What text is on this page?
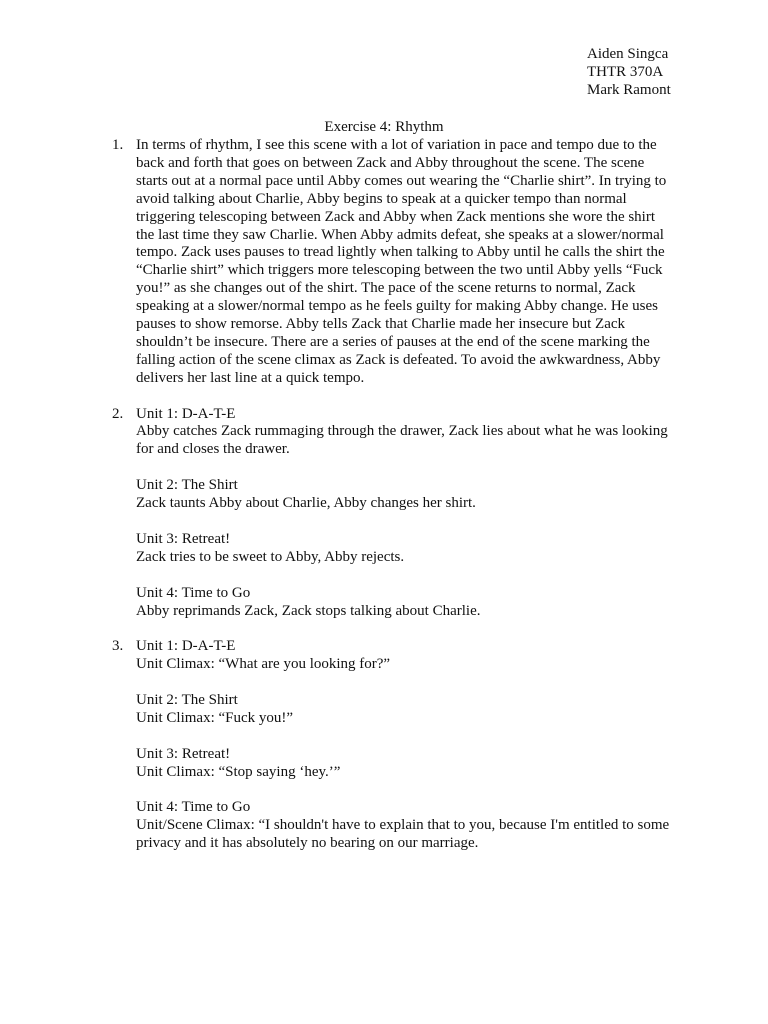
Aiden Singca
THTR 370A
Mark Ramont
Exercise 4: Rhythm
1. In terms of rhythm, I see this scene with a lot of variation in pace and tempo due to the back and forth that goes on between Zack and Abby throughout the scene. The scene starts out at a normal pace until Abby comes out wearing the “Charlie shirt”. In trying to avoid talking about Charlie, Abby begins to speak at a quicker tempo than normal triggering telescoping between Zack and Abby when Zack mentions she wore the shirt the last time they saw Charlie. When Abby admits defeat, she speaks at a slower/normal tempo. Zack uses pauses to tread lightly when talking to Abby until he calls the shirt the “Charlie shirt” which triggers more telescoping between the two until Abby yells “Fuck you!” as she changes out of the shirt. The pace of the scene returns to normal, Zack speaking at a slower/normal tempo as he feels guilty for making Abby change. He uses pauses to show remorse. Abby tells Zack that Charlie made her insecure but Zack shouldn’t be insecure. There are a series of pauses at the end of the scene marking the falling action of the scene climax as Zack is defeated. To avoid the awkwardness, Abby delivers her last line at a quick tempo.
2. Unit 1: D-A-T-E
Abby catches Zack rummaging through the drawer, Zack lies about what he was looking for and closes the drawer.
Unit 2: The Shirt
Zack taunts Abby about Charlie, Abby changes her shirt.
Unit 3: Retreat!
Zack tries to be sweet to Abby, Abby rejects.
Unit 4: Time to Go
Abby reprimands Zack, Zack stops talking about Charlie.
3. Unit 1: D-A-T-E
Unit Climax: “What are you looking for?”
Unit 2: The Shirt
Unit Climax: “Fuck you!”
Unit 3: Retreat!
Unit Climax: “Stop saying ‘hey.’”
Unit 4: Time to Go
Unit/Scene Climax: “I shouldn't have to explain that to you, because I'm entitled to some privacy and it has absolutely no bearing on our marriage.
